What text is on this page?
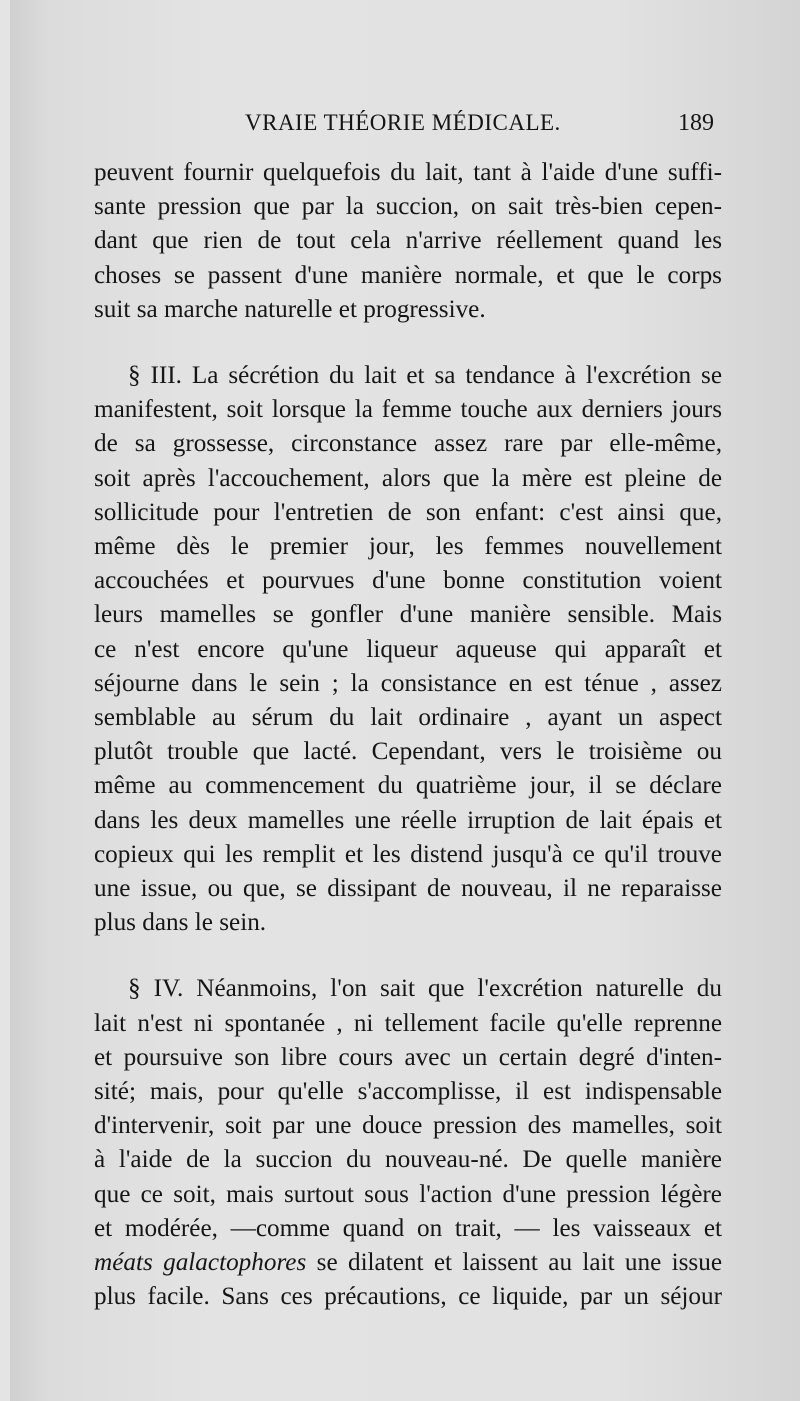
VRAIE THÉORIE MÉDICALE.	189

peuvent fournir quelquefois du lait, tant à l'aide d'une suffi-
sante pression que par la succion, on sait très-bien cepen-
dant que rien de tout cela n'arrive réellement quand les
choses se passent d'une manière normale, et que le corps
suit sa marche naturelle et progressive.

§ III. La sécrétion du lait et sa tendance à l'excrétion se
manifestent, soit lorsque la femme touche aux derniers jours
de sa grossesse, circonstance assez rare par elle-même,
soit après l'accouchement, alors que la mère est pleine de
sollicitude pour l'entretien de son enfant: c'est ainsi que,
même dès le premier jour, les femmes nouvellement
accouchées et pourvues d'une bonne constitution voient
leurs mamelles se gonfler d'une manière sensible. Mais
ce n'est encore qu'une liqueur aqueuse qui apparaît et
séjourne dans le sein ; la consistance en est ténue , assez
semblable au sérum du lait ordinaire , ayant un aspect
plutôt trouble que lacté. Cependant, vers le troisième ou
même au commencement du quatrième jour, il se déclare
dans les deux mamelles une réelle irruption de lait épais et
copieux qui les remplit et les distend jusqu'à ce qu'il trouve
une issue, ou que, se dissipant de nouveau, il ne reparaisse
plus dans le sein.

§ IV. Néanmoins, l'on sait que l'excrétion naturelle du
lait n'est ni spontanée , ni tellement facile qu'elle reprenne
et poursuive son libre cours avec un certain degré d'inten-
sité; mais, pour qu'elle s'accomplisse, il est indispensable
d'intervenir, soit par une douce pression des mamelles, soit
à l'aide de la succion du nouveau-né. De quelle manière
que ce soit, mais surtout sous l'action d'une pression légère
et modérée, —comme quand on trait, — les vaisseaux et
méats galactophores se dilatent et laissent au lait une issue
plus facile. Sans ces précautions, ce liquide, par un séjour
